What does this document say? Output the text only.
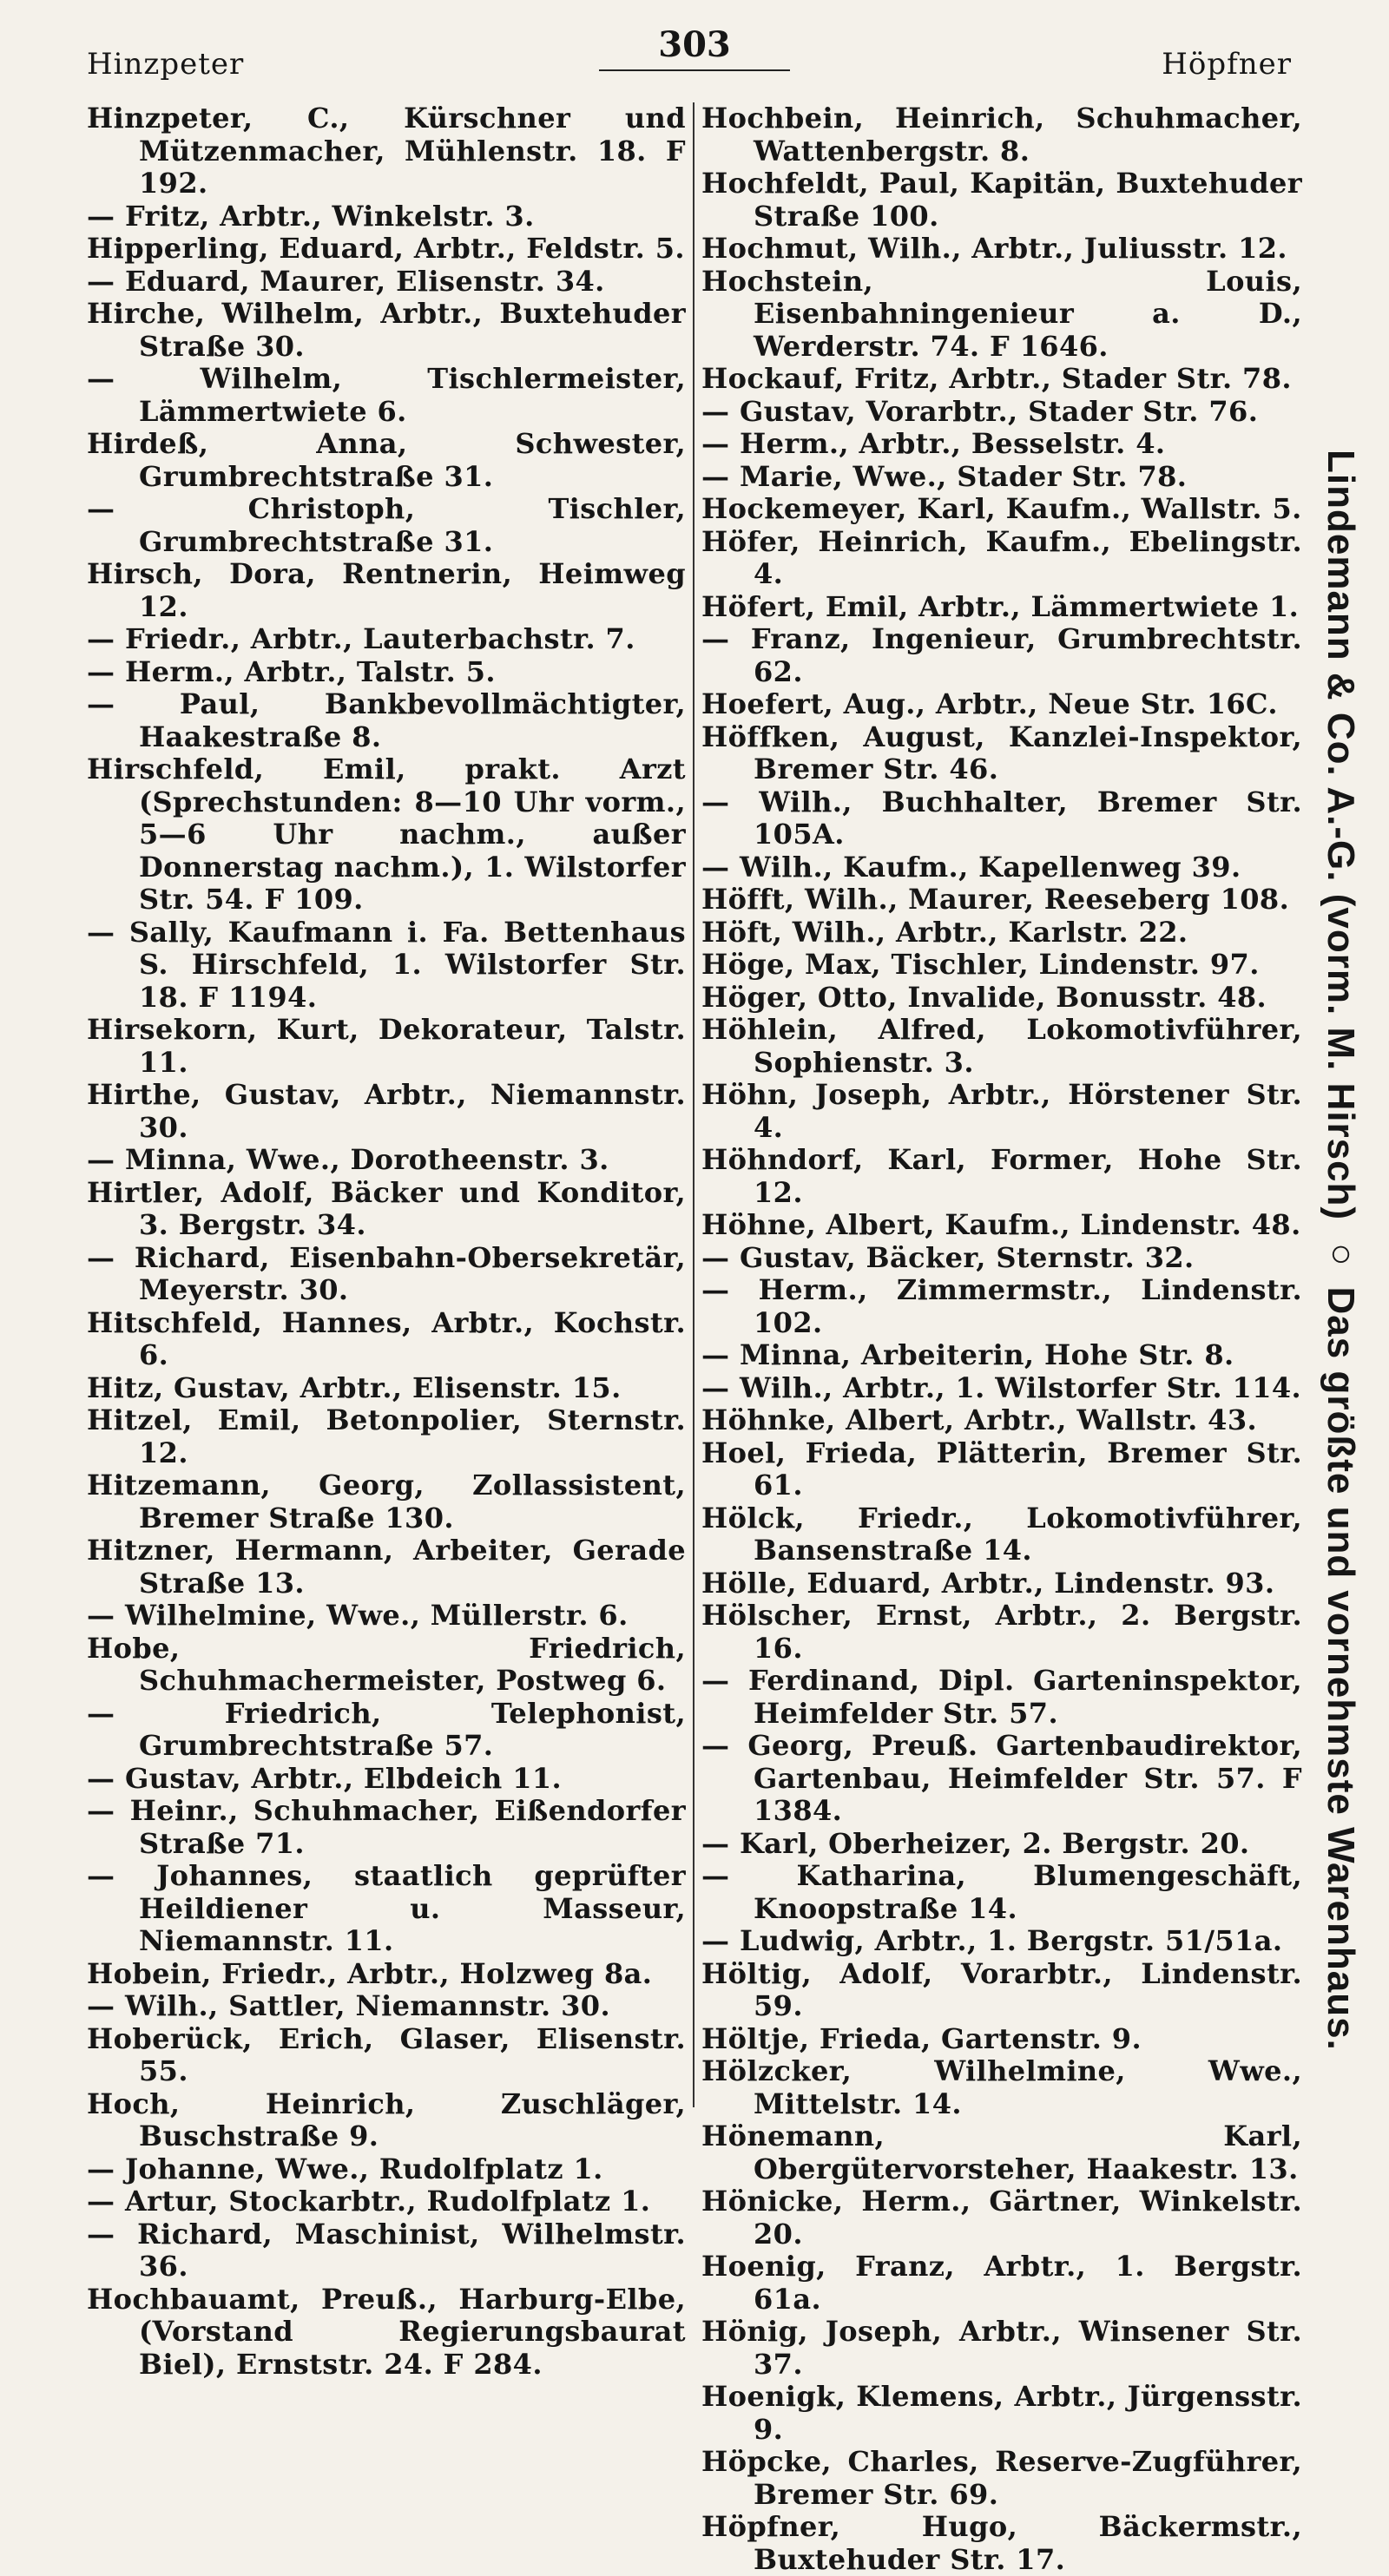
Hinzpeter	303	Höpfner

Hinzpeter, C., Kürschner und Mützenmacher, Mühlenstr. 18. F 192.

— Fritz, Arbtr., Winkelstr. 3.

Hipperling, Eduard, Arbtr., Feldstr. 5.

— Eduard, Maurer, Elisenstr. 34.

Hirche, Wilhelm, Arbtr., Buxtehuder Straße 30.

— Wilhelm, Tischlermeister, Lämmertwiete 6.

Hirdeß, Anna, Schwester, Grumbrechtstraße 31.

— Christoph, Tischler, Grumbrechtstraße 31.

Hirsch, Dora, Rentnerin, Heimweg 12.

— Friedr., Arbtr., Lauterbachstr. 7.

— Herm., Arbtr., Talstr. 5.

— Paul, Bankbevollmächtigter, Haakestraße 8.

Hirschfeld, Emil, prakt. Arzt (Sprechstunden: 8—10 Uhr vorm., 5—6 Uhr nachm., außer Donnerstag nachm.), 1. Wilstorfer Str. 54. F 109.

— Sally, Kaufmann i. Fa. Bettenhaus S. Hirschfeld, 1. Wilstorfer Str. 18. F 1194.

Hirsekorn, Kurt, Dekorateur, Talstr. 11.

Hirthe, Gustav, Arbtr., Niemannstr. 30.

— Minna, Wwe., Dorotheenstr. 3.

Hirtler, Adolf, Bäcker und Konditor, 3. Bergstr. 34.

— Richard, Eisenbahn-Obersekretär, Meyerstr. 30.

Hitschfeld, Hannes, Arbtr., Kochstr. 6.

Hitz, Gustav, Arbtr., Elisenstr. 15.

Hitzel, Emil, Betonpolier, Sternstr. 12.

Hitzemann, Georg, Zollassistent, Bremer Straße 130.

Hitzner, Hermann, Arbeiter, Gerade Straße 13.

— Wilhelmine, Wwe., Müllerstr. 6.

Hobe, Friedrich, Schuhmachermeister, Postweg 6.

— Friedrich, Telephonist, Grumbrechtstraße 57.

— Gustav, Arbtr., Elbdeich 11.

— Heinr., Schuhmacher, Eißendorfer Straße 71.

— Johannes, staatlich geprüfter Heildiener u. Masseur, Niemannstr. 11.

Hobein, Friedr., Arbtr., Holzweg 8a.

— Wilh., Sattler, Niemannstr. 30.

Hoberück, Erich, Glaser, Elisenstr. 55.

Hoch, Heinrich, Zuschläger, Buschstraße 9.

— Johanne, Wwe., Rudolfplatz 1.

— Artur, Stockarbtr., Rudolfplatz 1.

— Richard, Maschinist, Wilhelmstr. 36.

Hochbauamt, Preuß., Harburg-Elbe, (Vorstand Regierungsbaurat Biel), Ernststr. 24. F 284.

Hochbein, Heinrich, Schuhmacher, Wattenbergstr. 8.

Hochfeldt, Paul, Kapitän, Buxtehuder Straße 100.

Hochmut, Wilh., Arbtr., Juliusstr. 12.

Hochstein, Louis, Eisenbahningenieur a. D., Werderstr. 74. F 1646.

Hockauf, Fritz, Arbtr., Stader Str. 78.

— Gustav, Vorarbtr., Stader Str. 76.

— Herm., Arbtr., Besselstr. 4.

— Marie, Wwe., Stader Str. 78.

Hockemeyer, Karl, Kaufm., Wallstr. 5.

Höfer, Heinrich, Kaufm., Ebelingstr. 4.

Höfert, Emil, Arbtr., Lämmertwiete 1.

— Franz, Ingenieur, Grumbrechtstr. 62.

Hoefert, Aug., Arbtr., Neue Str. 16C.

Höffken, August, Kanzlei-Inspektor, Bremer Str. 46.

— Wilh., Buchhalter, Bremer Str. 105A.

— Wilh., Kaufm., Kapellenweg 39.

Höfft, Wilh., Maurer, Reeseberg 108.

Höft, Wilh., Arbtr., Karlstr. 22.

Höge, Max, Tischler, Lindenstr. 97.

Höger, Otto, Invalide, Bonusstr. 48.

Höhlein, Alfred, Lokomotivführer, Sophienstr. 3.

Höhn, Joseph, Arbtr., Hörstener Str. 4.

Höhndorf, Karl, Former, Hohe Str. 12.

Höhne, Albert, Kaufm., Lindenstr. 48.

— Gustav, Bäcker, Sternstr. 32.

— Herm., Zimmermstr., Lindenstr. 102.

— Minna, Arbeiterin, Hohe Str. 8.

— Wilh., Arbtr., 1. Wilstorfer Str. 114.

Höhnke, Albert, Arbtr., Wallstr. 43.

Hoel, Frieda, Plätterin, Bremer Str. 61.

Hölck, Friedr., Lokomotivführer, Bansenstraße 14.

Hölle, Eduard, Arbtr., Lindenstr. 93.

Hölscher, Ernst, Arbtr., 2. Bergstr. 16.

— Ferdinand, Dipl. Garteninspektor, Heimfelder Str. 57.

— Georg, Preuß. Gartenbaudirektor, Gartenbau, Heimfelder Str. 57. F 1384.

— Karl, Oberheizer, 2. Bergstr. 20.

— Katharina, Blumengeschäft, Knoopstraße 14.

— Ludwig, Arbtr., 1. Bergstr. 51/51a.

Höltig, Adolf, Vorarbtr., Lindenstr. 59.

Höltje, Frieda, Gartenstr. 9.

Hölzcker, Wilhelmine, Wwe., Mittelstr. 14.

Hönemann, Karl, Obergütervorsteher, Haakestr. 13.

Hönicke, Herm., Gärtner, Winkelstr. 20.

Hoenig, Franz, Arbtr., 1. Bergstr. 61a.

Hönig, Joseph, Arbtr., Winsener Str. 37.

Hoenigk, Klemens, Arbtr., Jürgensstr. 9.

Höpcke, Charles, Reserve-Zugführer, Bremer Str. 69.

Höpfner, Hugo, Bäckermstr., Buxtehuder Str. 17.

Lindemann & Co. A.-G. (vorm. M. Hirsch) ○ Das größte und vornehmste Warenhaus.
